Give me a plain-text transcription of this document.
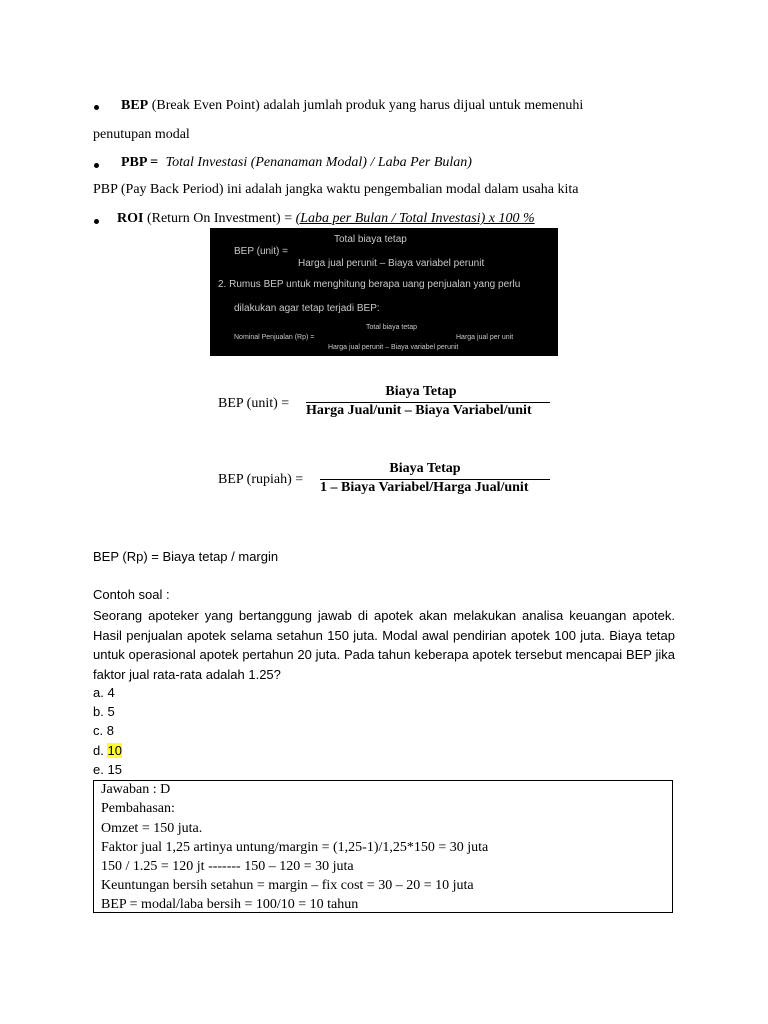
BEP (Break Even Point) adalah jumlah produk yang harus dijual untuk memenuhi
penutupan modal
PBP = Total Investasi (Penanaman Modal) / Laba Per Bulan)
PBP (Pay Back Period) ini adalah jangka waktu pengembalian modal dalam usaha kita
ROI (Return On Investment) = (Laba per Bulan / Total Investasi) x 100 %
Total biaya tetap
BEP (unit) =
Harga jual perunit – Biaya variabel perunit
2. Rumus BEP untuk menghitung berapa uang penjualan yang perlu
dilakukan agar tetap terjadi BEP:
Total biaya tetap
Nominal Penjualan (Rp) =	Harga jual per unit
Harga jual perunit – Biaya variabel perunit
BEP (unit) =
Biaya Tetap
Harga Jual/unit – Biaya Variabel/unit
BEP (rupiah) =
Biaya Tetap
1 – Biaya Variabel/Harga Jual/unit
BEP (Rp) = Biaya tetap / margin
Contoh soal :
Seorang apoteker yang bertanggung jawab di apotek akan melakukan analisa keuangan apotek. Hasil penjualan apotek selama setahun 150 juta. Modal awal pendirian apotek 100 juta. Biaya tetap untuk operasional apotek pertahun 20 juta. Pada tahun keberapa apotek tersebut mencapai BEP jika faktor jual rata-rata adalah 1.25?
a. 4
b. 5
c. 8
d. 10
e. 15
Jawaban : D
Pembahasan:
Omzet = 150 juta.
Faktor jual 1,25 artinya untung/margin = (1,25-1)/1,25*150 = 30 juta
150 / 1.25 = 120 jt ------- 150 – 120 = 30 juta
Keuntungan bersih setahun = margin – fix cost = 30 – 20 = 10 juta
BEP = modal/laba bersih = 100/10 = 10 tahun
